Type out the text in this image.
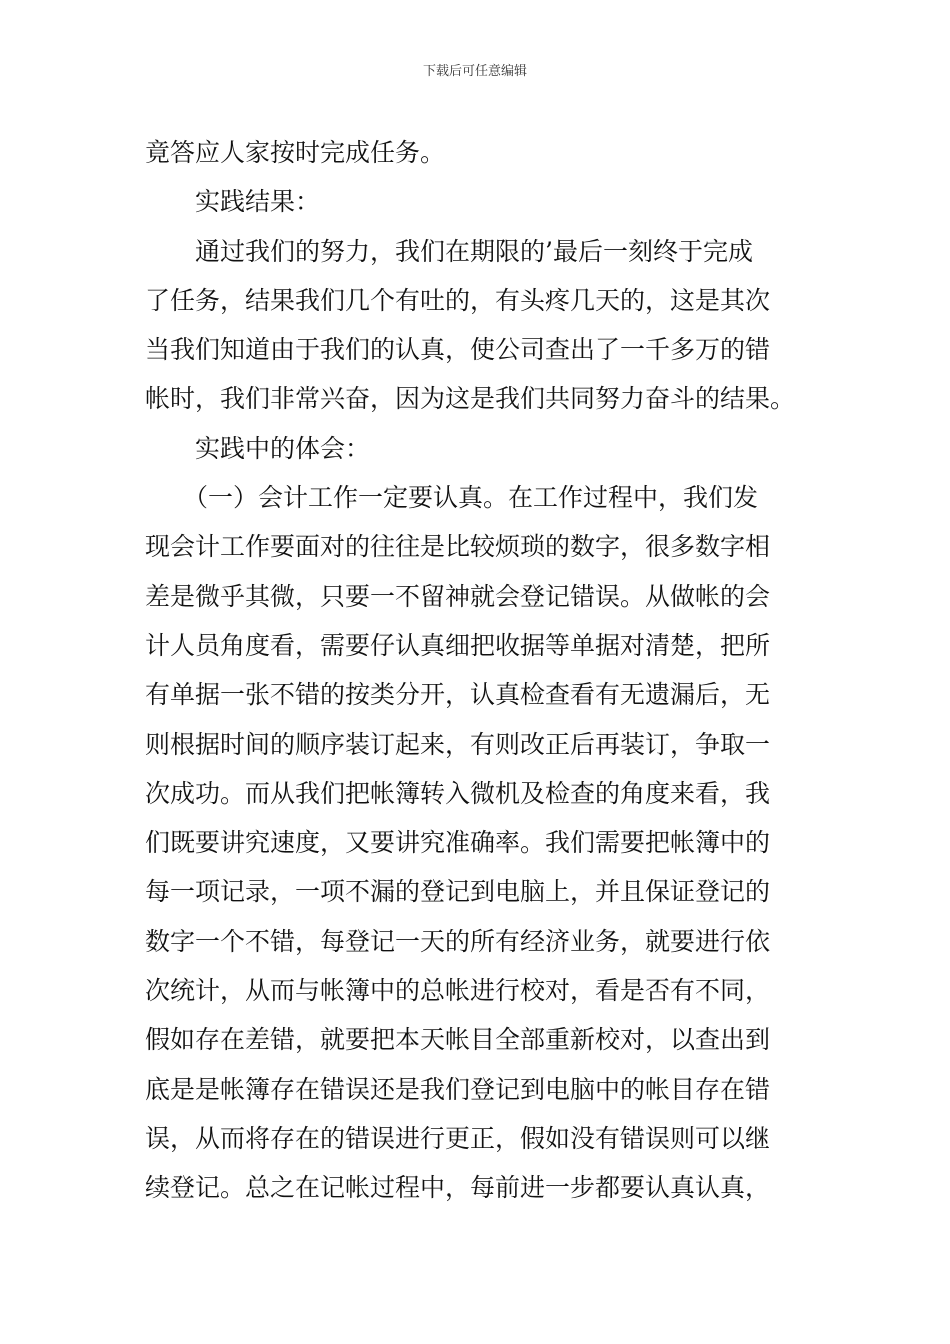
下载后可任意编辑
竟答应人家按时完成任务。
实践结果：
通过我们的努力，我们在期限的’最后一刻终于完成
了任务，结果我们几个有吐的，有头疼几天的，这是其次
当我们知道由于我们的认真，使公司查出了一千多万的错
帐时，我们非常兴奋，因为这是我们共同努力奋斗的结果。
实践中的体会：
（一）会计工作一定要认真。在工作过程中，我们发
现会计工作要面对的往往是比较烦琐的数字，很多数字相
差是微乎其微，只要一不留神就会登记错误。从做帐的会
计人员角度看，需要仔认真细把收据等单据对清楚，把所
有单据一张不错的按类分开，认真检查看有无遗漏后，无
则根据时间的顺序装订起来，有则改正后再装订，争取一
次成功。而从我们把帐簿转入微机及检查的角度来看，我
们既要讲究速度，又要讲究准确率。我们需要把帐簿中的
每一项记录，一项不漏的登记到电脑上，并且保证登记的
数字一个不错，每登记一天的所有经济业务，就要进行依
次统计，从而与帐簿中的总帐进行校对，看是否有不同，
假如存在差错，就要把本天帐目全部重新校对，以查出到
底是是帐簿存在错误还是我们登记到电脑中的帐目存在错
误，从而将存在的错误进行更正，假如没有错误则可以继
续登记。总之在记帐过程中，每前进一步都要认真认真，
